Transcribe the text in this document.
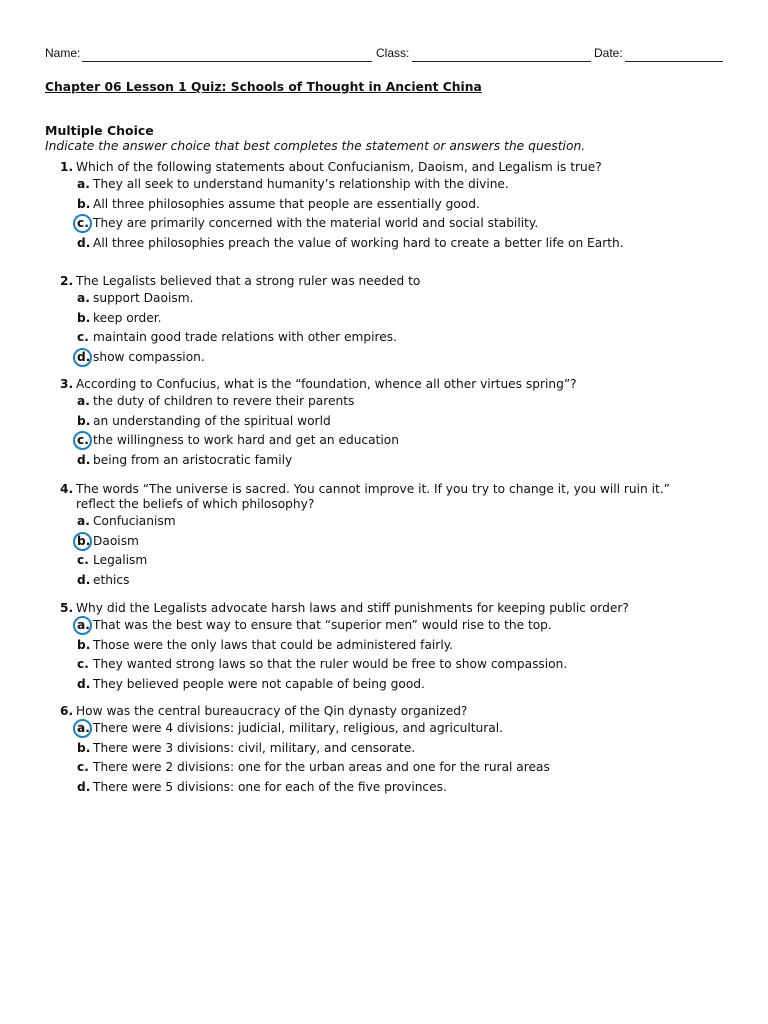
Name:	Class:	Date:
Chapter 06 Lesson 1 Quiz: Schools of Thought in Ancient China
Multiple Choice
Indicate the answer choice that best completes the statement or answers the question.
1. Which of the following statements about Confucianism, Daoism, and Legalism is true?
a. They all seek to understand humanity’s relationship with the divine.
b. All three philosophies assume that people are essentially good.
c. They are primarily concerned with the material world and social stability.
d. All three philosophies preach the value of working hard to create a better life on Earth.
2. The Legalists believed that a strong ruler was needed to
a. support Daoism.
b. keep order.
c. maintain good trade relations with other empires.
d. show compassion.
3. According to Confucius, what is the “foundation, whence all other virtues spring”?
a. the duty of children to revere their parents
b. an understanding of the spiritual world
c. the willingness to work hard and get an education
d. being from an aristocratic family
4. The words “The universe is sacred. You cannot improve it. If you try to change it, you will ruin it.”
reflect the beliefs of which philosophy?
a. Confucianism
b. Daoism
c. Legalism
d. ethics
5. Why did the Legalists advocate harsh laws and stiff punishments for keeping public order?
a. That was the best way to ensure that “superior men” would rise to the top.
b. Those were the only laws that could be administered fairly.
c. They wanted strong laws so that the ruler would be free to show compassion.
d. They believed people were not capable of being good.
6. How was the central bureaucracy of the Qin dynasty organized?
a. There were 4 divisions: judicial, military, religious, and agricultural.
b. There were 3 divisions: civil, military, and censorate.
c. There were 2 divisions: one for the urban areas and one for the rural areas
d. There were 5 divisions: one for each of the five provinces.
